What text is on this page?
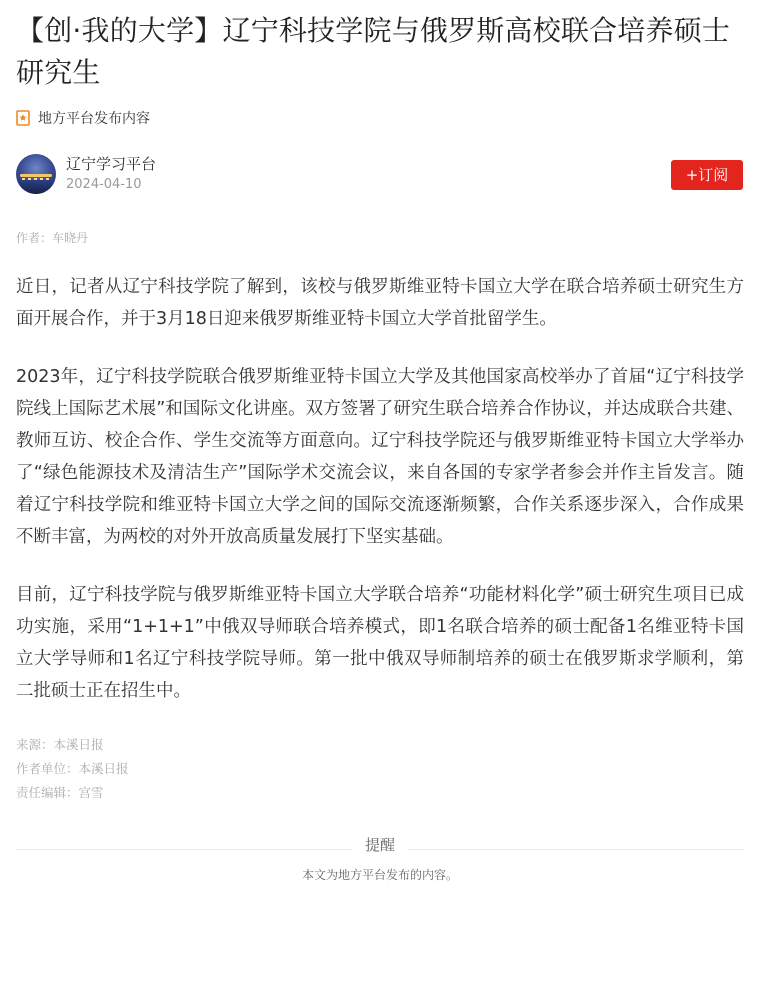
【创·我的大学】辽宁科技学院与俄罗斯高校联合培养硕士研究生
地方平台发布内容
辽宁学习平台
2024-04-10
+订阅
作者：车晓丹

近日，记者从辽宁科技学院了解到，该校与俄罗斯维亚特卡国立大学在联合培养硕士研究生方面开展合作，并于3月18日迎来俄罗斯维亚特卡国立大学首批留学生。

2023年，辽宁科技学院联合俄罗斯维亚特卡国立大学及其他国家高校举办了首届“辽宁科技学院线上国际艺术展”和国际文化讲座。双方签署了研究生联合培养合作协议，并达成联合共建、教师互访、校企合作、学生交流等方面意向。辽宁科技学院还与俄罗斯维亚特卡国立大学举办了“绿色能源技术及清洁生产”国际学术交流会议，来自各国的专家学者参会并作主旨发言。随着辽宁科技学院和维亚特卡国立大学之间的国际交流逐渐频繁，合作关系逐步深入，合作成果不断丰富，为两校的对外开放高质量发展打下坚实基础。

目前，辽宁科技学院与俄罗斯维亚特卡国立大学联合培养“功能材料化学”硕士研究生项目已成功实施，采用“1+1+1”中俄双导师联合培养模式，即1名联合培养的硕士配备1名维亚特卡国立大学导师和1名辽宁科技学院导师。第一批中俄双导师制培养的硕士在俄罗斯求学顺利，第二批硕士正在招生中。

来源：本溪日报
作者单位：本溪日报
责任编辑：宫雪
提醒
本文为地方平台发布的内容。
